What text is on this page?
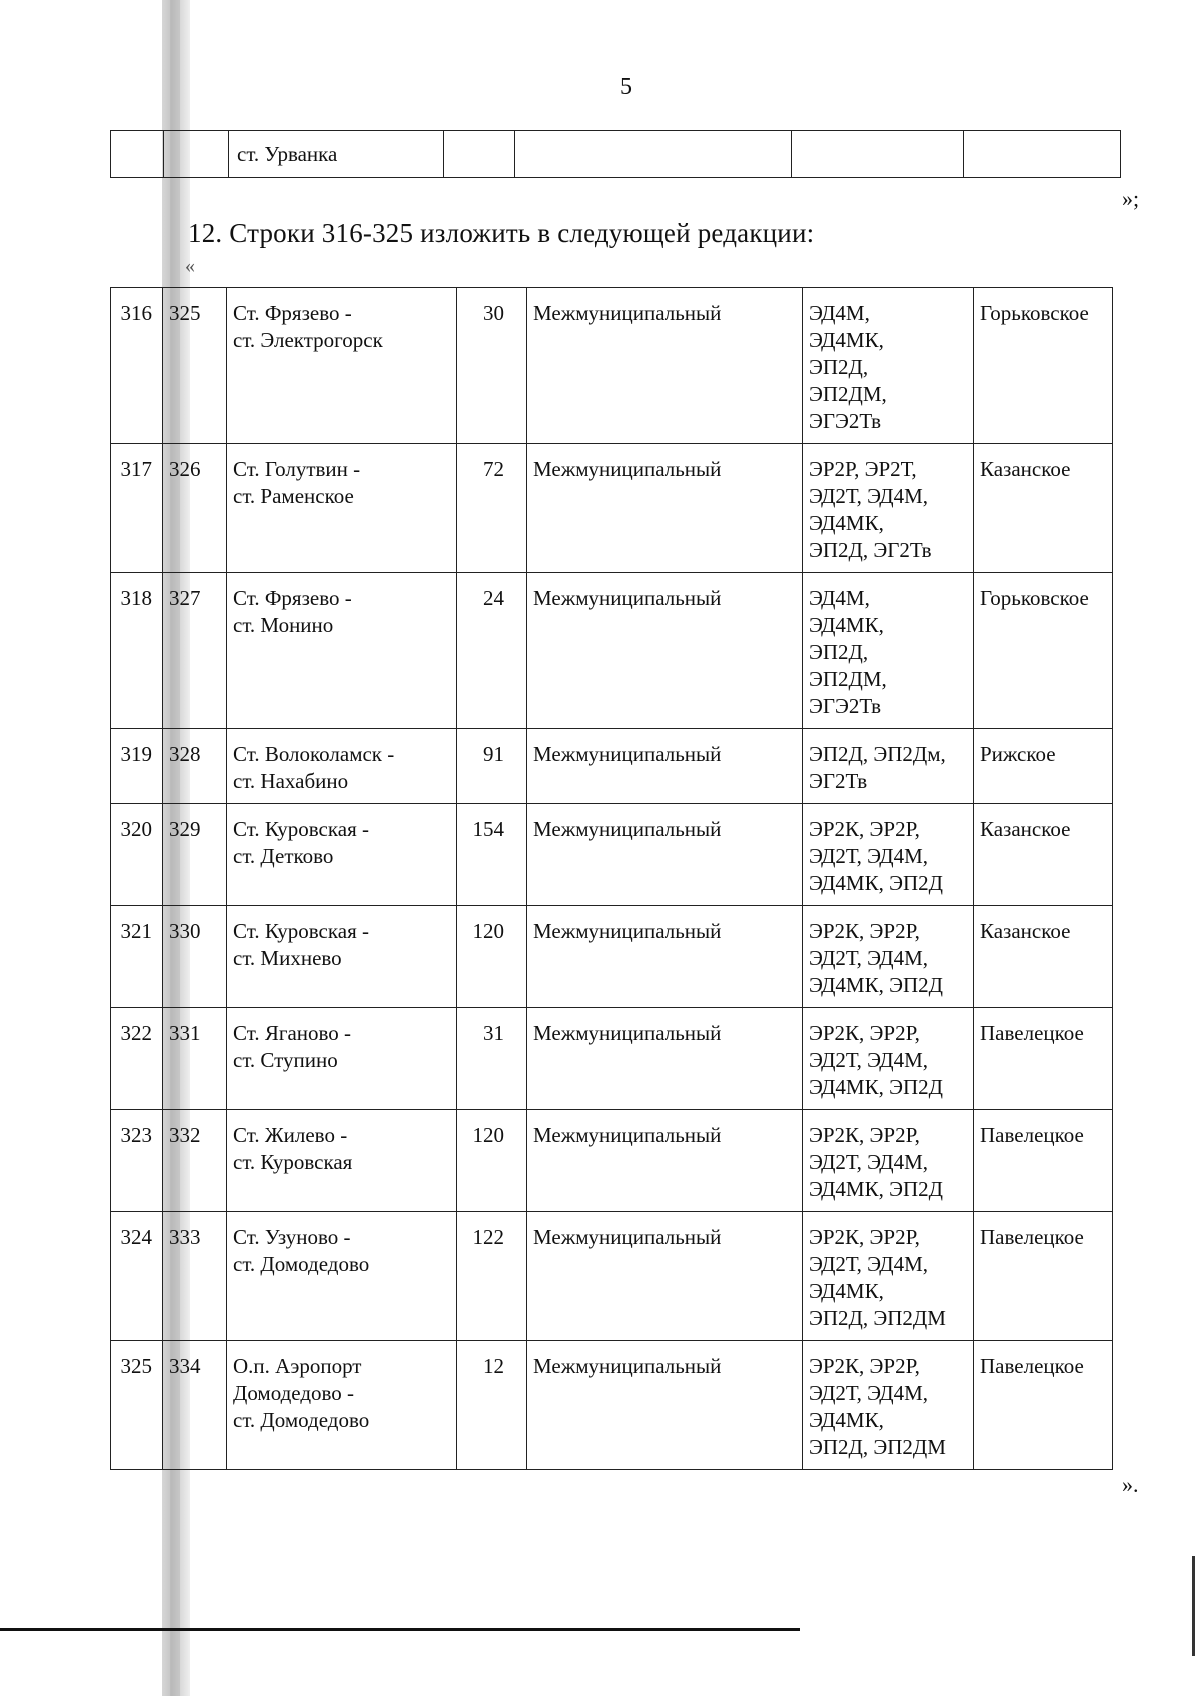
5
		ст. Урванка				
»;
12. Строки 316-325 изложить в следующей редакции:
«
316	325	Ст. Фрязево -
ст. Электрогорск	30	Межмуниципальный	ЭД4М,
ЭД4МК,
ЭП2Д,
ЭП2ДМ,
ЭГЭ2Тв	Горьковское
317	326	Ст. Голутвин -
ст. Раменское	72	Межмуниципальный	ЭР2Р, ЭР2Т,
ЭД2Т, ЭД4М,
ЭД4МК,
ЭП2Д, ЭГ2Тв	Казанское
318	327	Ст. Фрязево -
ст. Монино	24	Межмуниципальный	ЭД4М,
ЭД4МК,
ЭП2Д,
ЭП2ДМ,
ЭГЭ2Тв	Горьковское
319	328	Ст. Волоколамск -
ст. Нахабино	91	Межмуниципальный	ЭП2Д, ЭП2Дм,
ЭГ2Тв	Рижское
320	329	Ст. Куровская -
ст. Детково	154	Межмуниципальный	ЭР2К, ЭР2Р,
ЭД2Т, ЭД4М,
ЭД4МК, ЭП2Д	Казанское
321	330	Ст. Куровская -
ст. Михнево	120	Межмуниципальный	ЭР2К, ЭР2Р,
ЭД2Т, ЭД4М,
ЭД4МК, ЭП2Д	Казанское
322	331	Ст. Яганово -
ст. Ступино	31	Межмуниципальный	ЭР2К, ЭР2Р,
ЭД2Т, ЭД4М,
ЭД4МК, ЭП2Д	Павелецкое
323	332	Ст. Жилево -
ст. Куровская	120	Межмуниципальный	ЭР2К, ЭР2Р,
ЭД2Т, ЭД4М,
ЭД4МК, ЭП2Д	Павелецкое
324	333	Ст. Узуново -
ст. Домодедово	122	Межмуниципальный	ЭР2К, ЭР2Р,
ЭД2Т, ЭД4М,
ЭД4МК,
ЭП2Д, ЭП2ДМ	Павелецкое
325	334	О.п. Аэропорт
Домодедово -
ст. Домодедово	12	Межмуниципальный	ЭР2К, ЭР2Р,
ЭД2Т, ЭД4М,
ЭД4МК,
ЭП2Д, ЭП2ДМ	Павелецкое
».
